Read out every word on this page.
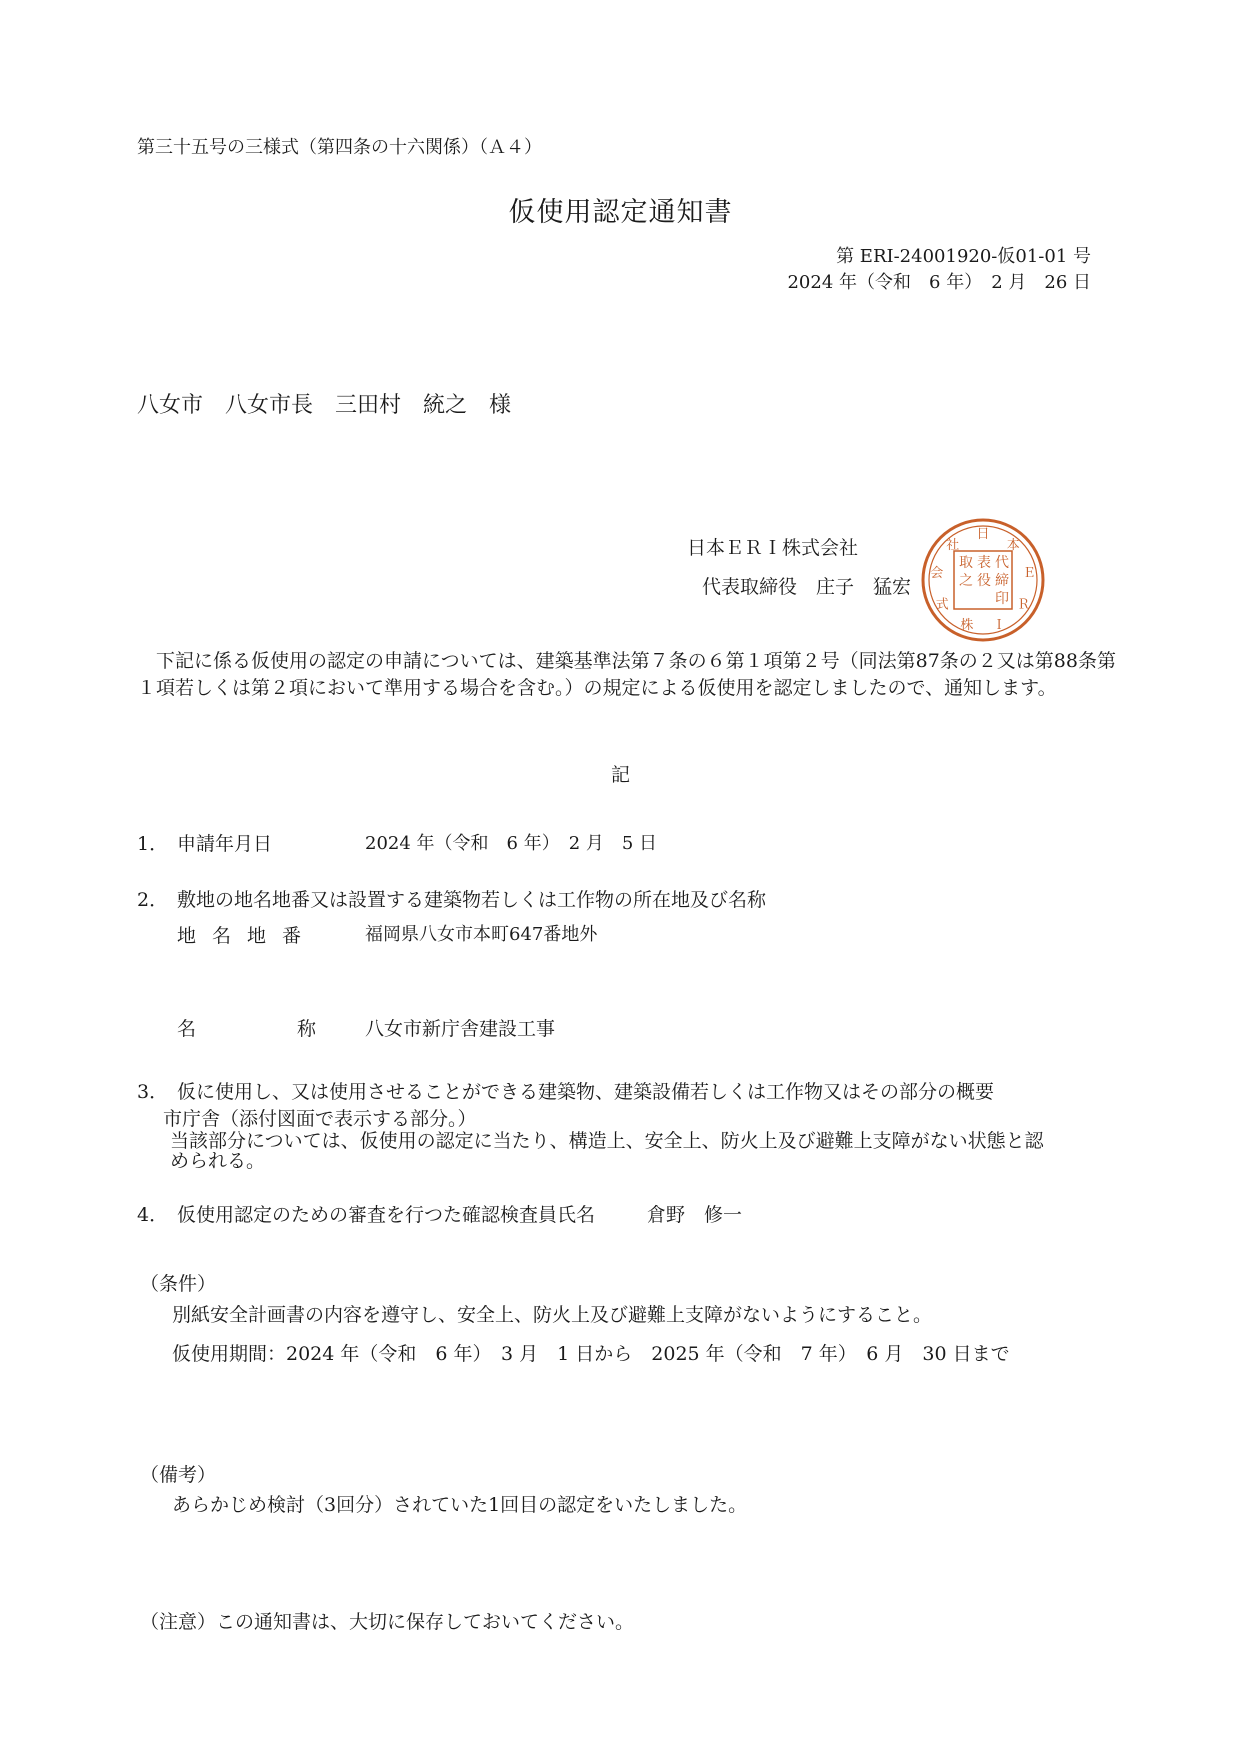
第三十五号の三様式（第四条の十六関係）（Ａ４）
仮使用認定通知書
第 ERI-24001920-仮01-01 号
2024 年（令和　6 年）　2 月　26 日
八女市　八女市長　三田村　統之　様
日本ＥＲＩ株式会社
代表取締役　庄子　猛宏
日
本
Ｅ
Ｒ
Ｉ
株
式
会
社
代
表
取
締
役
之
印
下記に係る仮使用の認定の申請については、建築基準法第７条の６第１項第２号（同法第87条の２又は第88条第１項若しくは第２項において準用する場合を含む。）の規定による仮使用を認定しましたので、通知します。
記
1． 申請年月日	2024 年（令和　6 年）　2 月　5 日
2． 敷地の地名地番又は設置する建築物若しくは工作物の所在地及び名称
地名地番	福岡県八女市本町647番地外
名	称	八女市新庁舎建設工事
3． 仮に使用し、又は使用させることができる建築物、建築設備若しくは工作物又はその部分の概要
市庁舎（添付図面で表示する部分。）
当該部分については、仮使用の認定に当たり、構造上、安全上、防火上及び避難上支障がない状態と認
められる。
4． 仮使用認定のための審査を行つた確認検査員氏名	倉野　修一
（条件）
別紙安全計画書の内容を遵守し、安全上、防火上及び避難上支障がないようにすること。
仮使用期間：2024 年（令和　6 年）　3 月　1 日から　2025 年（令和　7 年）　6 月　30 日まで
（備考）
あらかじめ検討（3回分）されていた1回目の認定をいたしました。
（注意）この通知書は、大切に保存しておいてください。
